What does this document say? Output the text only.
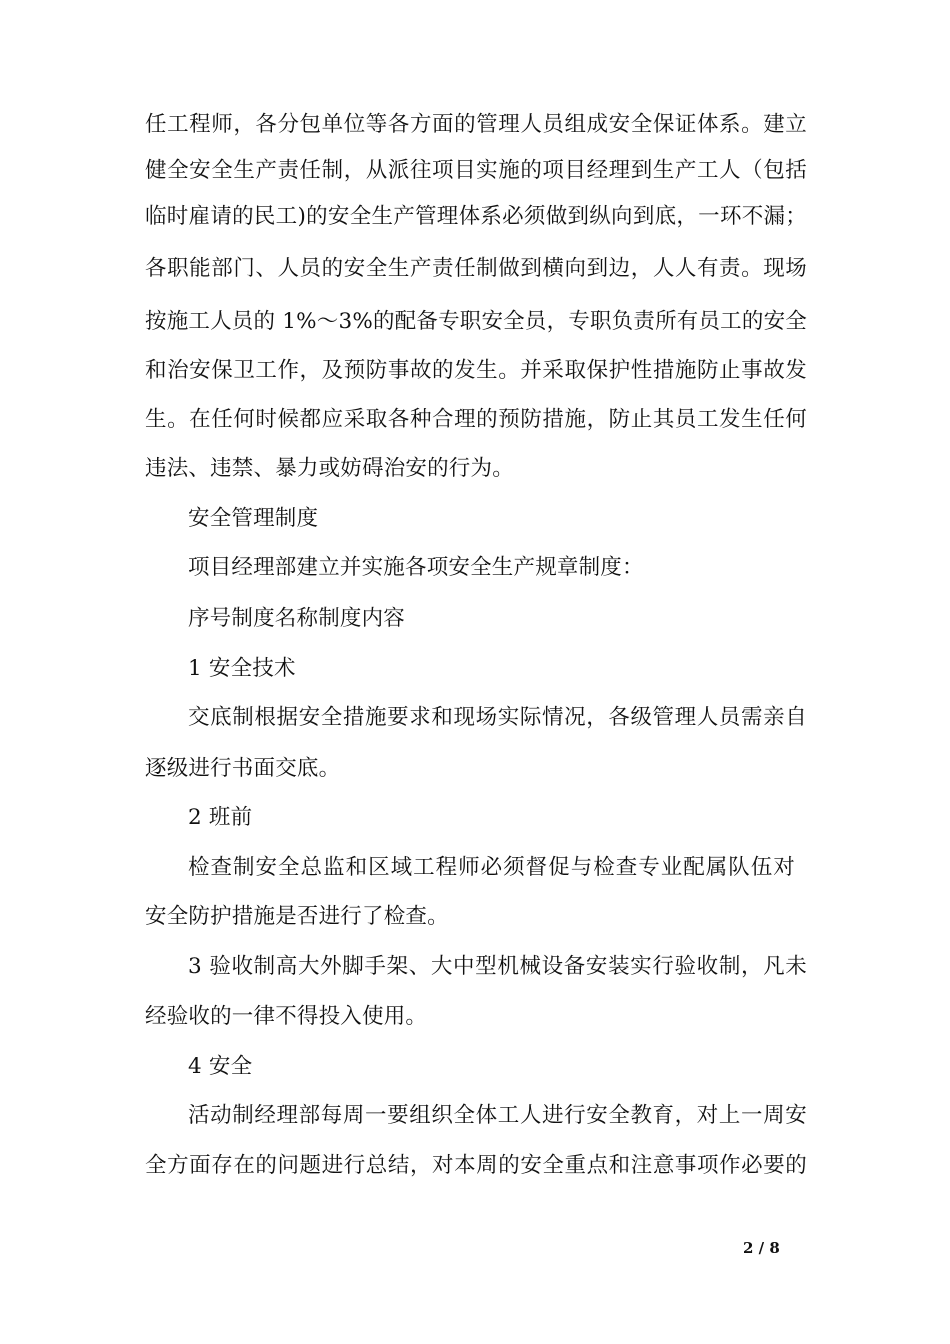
任工程师，各分包单位等各方面的管理人员组成安全保证体系。建立
健全安全生产责任制，从派往项目实施的项目经理到生产工人（包括
临时雇请的民工)的安全生产管理体系必须做到纵向到底，一环不漏；
各职能部门、人员的安全生产责任制做到横向到边，人人有责。现场
按施工人员的 1%～3%的配备专职安全员，专职负责所有员工的安全
和治安保卫工作，及预防事故的发生。并采取保护性措施防止事故发
生。在任何时候都应采取各种合理的预防措施，防止其员工发生任何
违法、违禁、暴力或妨碍治安的行为。
安全管理制度
项目经理部建立并实施各项安全生产规章制度：
序号制度名称制度内容
1 安全技术
交底制根据安全措施要求和现场实际情况，各级管理人员需亲自
逐级进行书面交底。
2 班前
检查制安全总监和区域工程师必须督促与检查专业配属队伍对
安全防护措施是否进行了检查。
3 验收制高大外脚手架、大中型机械设备安装实行验收制，凡未
经验收的一律不得投入使用。
4 安全
活动制经理部每周一要组织全体工人进行安全教育，对上一周安
全方面存在的问题进行总结，对本周的安全重点和注意事项作必要的
2 / 8
